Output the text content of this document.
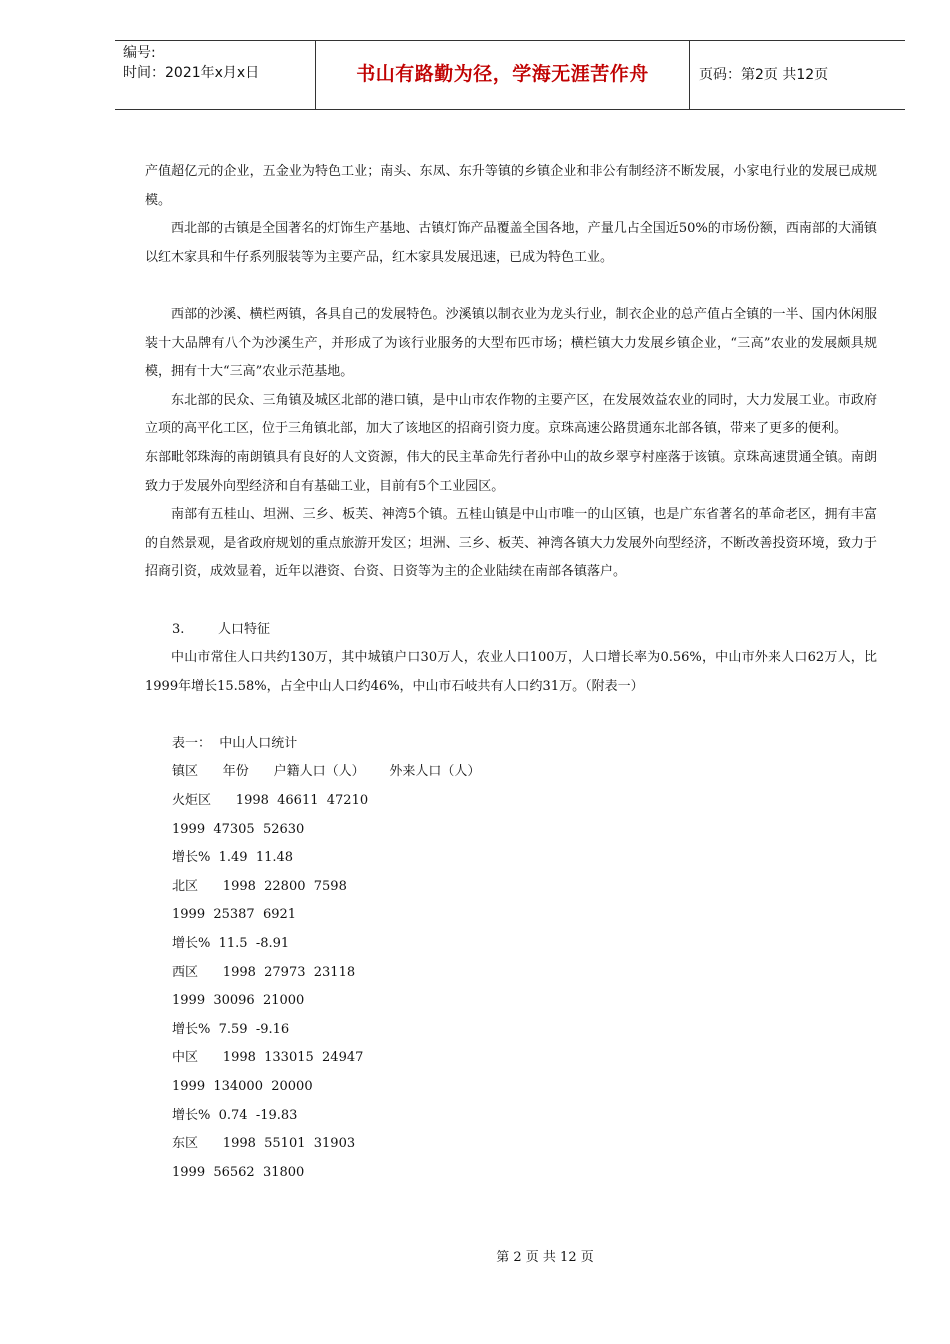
编号:
时间：2021年x月x日	书山有路勤为径，学海无涯苦作舟	页码：第2页 共12页

产值超亿元的企业，五金业为特色工业；南头、东凤、东升等镇的乡镇企业和非公有制经济不断发展，小家电行业的发展已成规模。

西北部的古镇是全国著名的灯饰生产基地、古镇灯饰产品覆盖全国各地，产量几占全国近50%的市场份额，西南部的大涌镇以红木家具和牛仔系列服装等为主要产品，红木家具发展迅速，已成为特色工业。

西部的沙溪、横栏两镇，各具自己的发展特色。沙溪镇以制衣业为龙头行业，制衣企业的总产值占全镇的一半、国内休闲服装十大品牌有八个为沙溪生产，并形成了为该行业服务的大型布匹市场；横栏镇大力发展乡镇企业，“三高”农业的发展颇具规模，拥有十大“三高”农业示范基地。

东北部的民众、三角镇及城区北部的港口镇，是中山市农作物的主要产区，在发展效益农业的同时，大力发展工业。市政府立项的高平化工区，位于三角镇北部，加大了该地区的招商引资力度。京珠高速公路贯通东北部各镇，带来了更多的便利。

东部毗邻珠海的南朗镇具有良好的人文资源，伟大的民主革命先行者孙中山的故乡翠亨村座落于该镇。京珠高速贯通全镇。南朗致力于发展外向型经济和自有基础工业，目前有5个工业园区。

南部有五桂山、坦洲、三乡、板芙、神湾5个镇。五桂山镇是中山市唯一的山区镇，也是广东省著名的革命老区，拥有丰富的自然景观，是省政府规划的重点旅游开发区；坦洲、三乡、板芙、神湾各镇大力发展外向型经济，不断改善投资环境，致力于招商引资，成效显着，近年以港资、台资、日资等为主的企业陆续在南部各镇落户。

3.	人口特征

中山市常住人口共约130万，其中城镇户口30万人，农业人口100万，人口增长率为0.56%，中山市外来人口62万人，比1999年增长15.58%，占全中山人口约46%，中山市石岐共有人口约31万。（附表一）

表一：  中山人口统计

镇区      年份      户籍人口（人）      外来人口（人）

火炬区      1998  46611  47210

1999  47305  52630

增长%  1.49  11.48

北区      1998  22800  7598

1999  25387  6921

增长%  11.5  -8.91

西区      1998  27973  23118

1999  30096  21000

增长%  7.59  -9.16

中区      1998  133015  24947

1999  134000  20000

增长%  0.74  -19.83

东区      1998  55101  31903

1999  56562  31800

第 2 页 共 12 页
